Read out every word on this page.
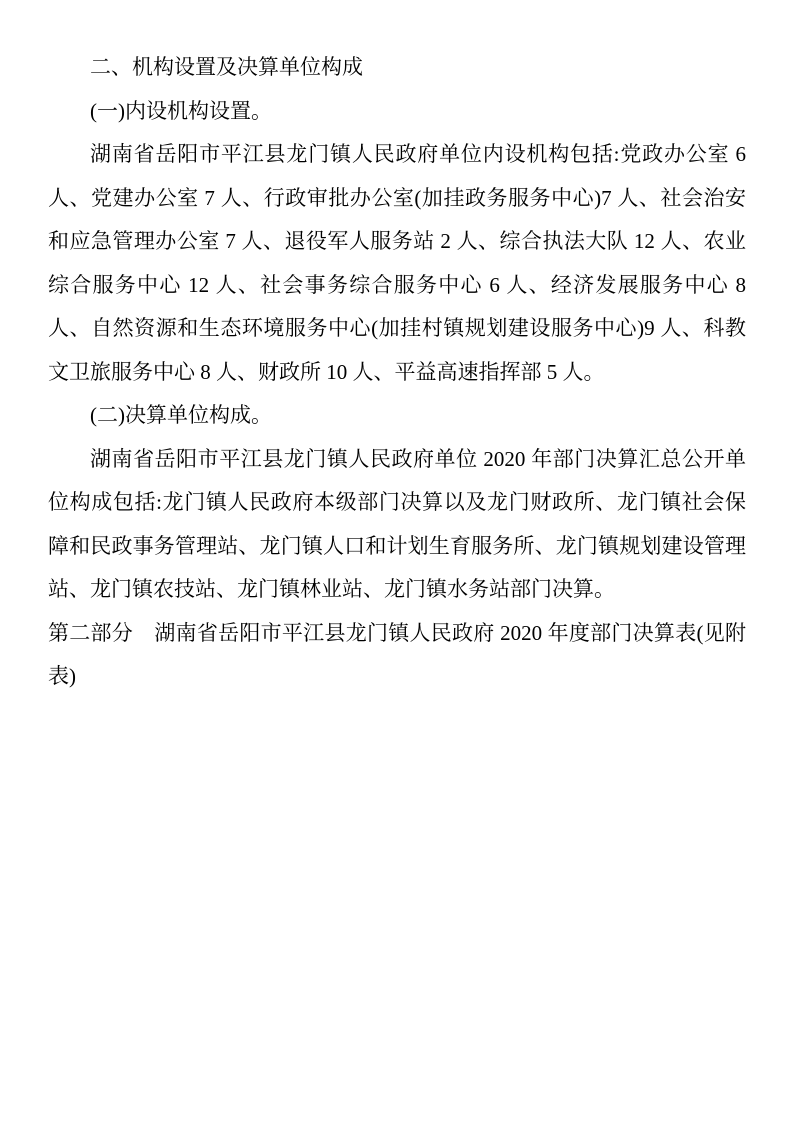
二、机构设置及决算单位构成

(一)内设机构设置。

湖南省岳阳市平江县龙门镇人民政府单位内设机构包括:党政办公室 6 人、党建办公室 7 人、行政审批办公室(加挂政务服务中心)7 人、社会治安和应急管理办公室 7 人、退役军人服务站 2 人、综合执法大队 12 人、农业综合服务中心 12 人、社会事务综合服务中心 6 人、经济发展服务中心 8 人、自然资源和生态环境服务中心(加挂村镇规划建设服务中心)9 人、科教文卫旅服务中心 8 人、财政所 10 人、平益高速指挥部 5 人。

(二)决算单位构成。

湖南省岳阳市平江县龙门镇人民政府单位 2020 年部门决算汇总公开单位构成包括:龙门镇人民政府本级部门决算以及龙门财政所、龙门镇社会保障和民政事务管理站、龙门镇人口和计划生育服务所、龙门镇规划建设管理站、龙门镇农技站、龙门镇林业站、龙门镇水务站部门决算。

第二部分　湖南省岳阳市平江县龙门镇人民政府 2020 年度部门决算表(见附表)
